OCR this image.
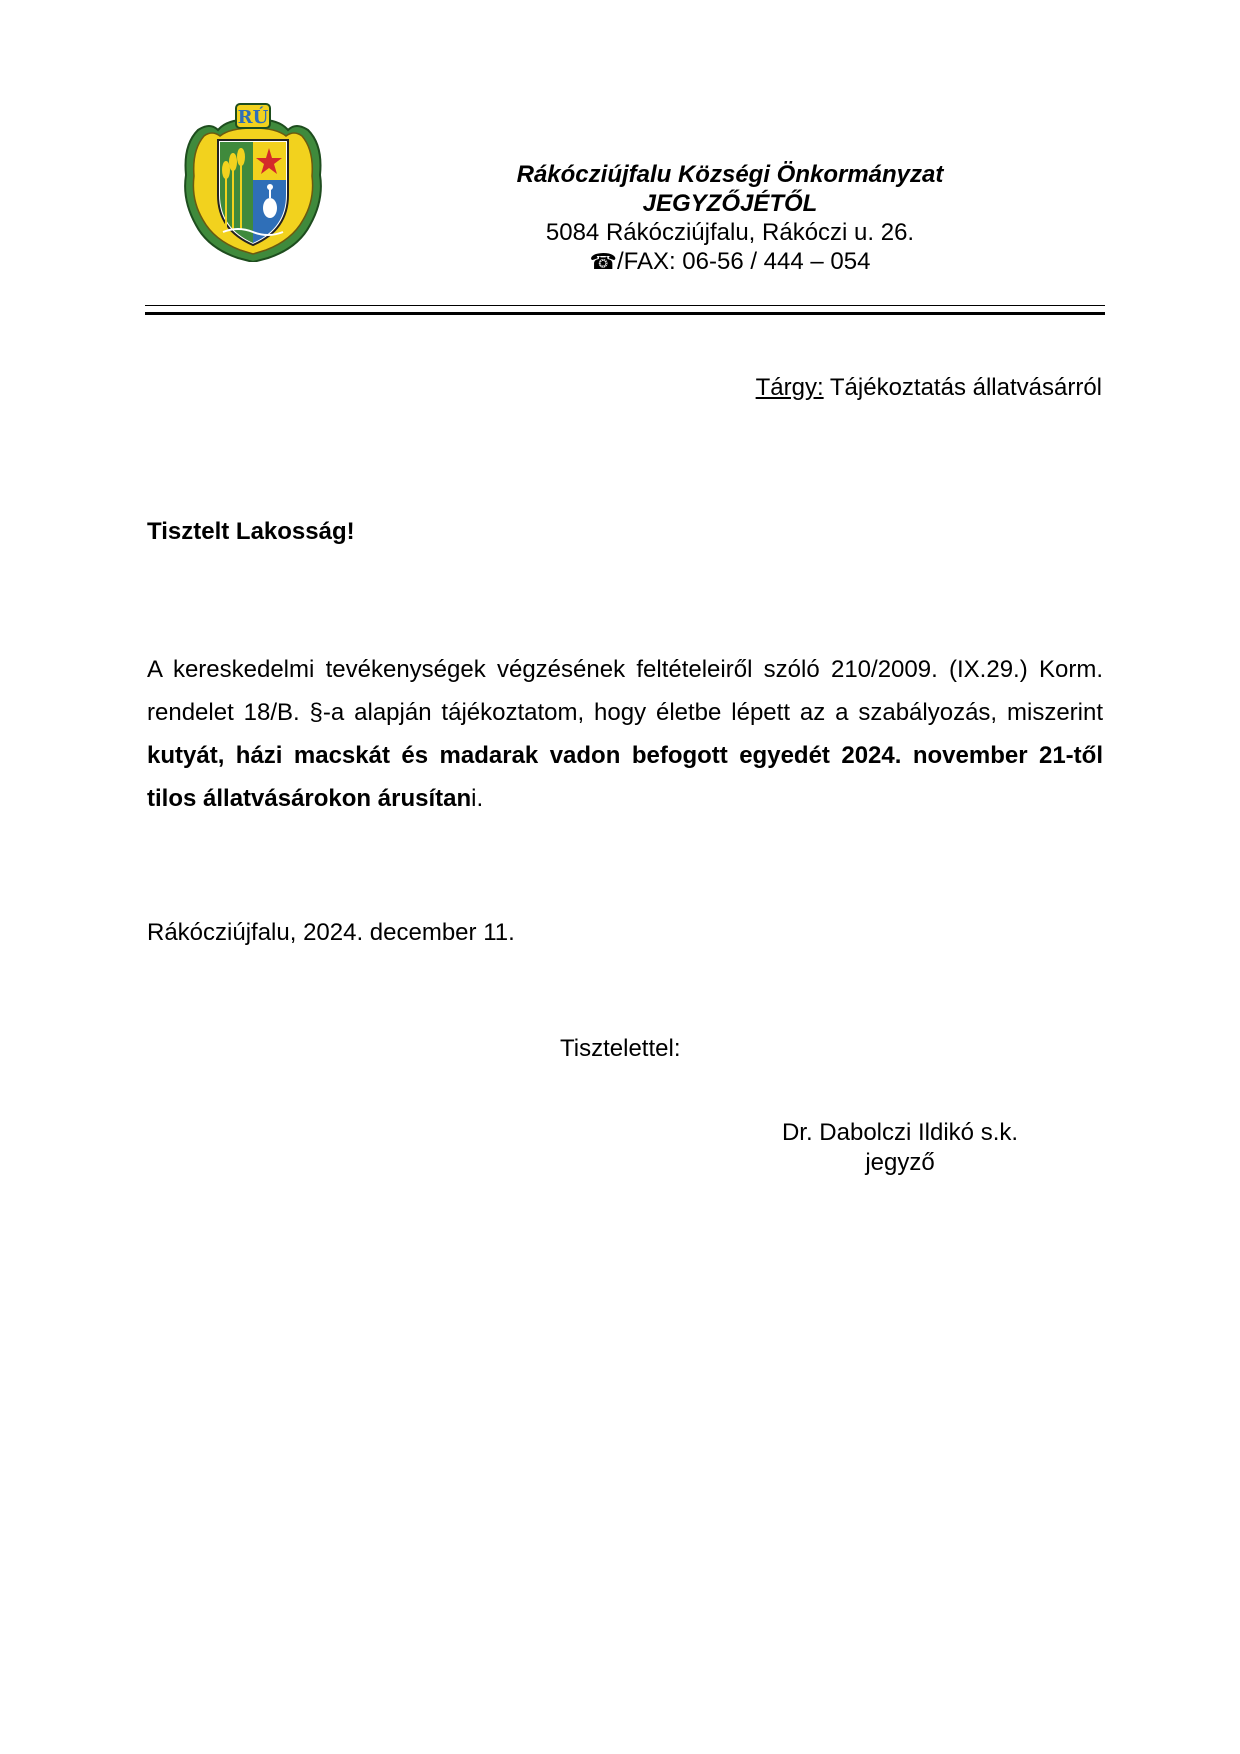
RÚ
Rákócziújfalu Községi Önkormányzat
JEGYZŐJÉTŐL
5084 Rákócziújfalu, Rákóczi u. 26.
☎/FAX: 06-56 / 444 – 054
Tárgy: Tájékoztatás állatvásárról
Tisztelt Lakosság!
A kereskedelmi tevékenységek végzésének feltételeiről szóló 210/2009. (IX.29.) Korm. rendelet 18/B. §-a alapján tájékoztatom, hogy életbe lépett az a szabályozás, miszerint kutyát, házi macskát és madarak vadon befogott egyedét 2024. november 21-től tilos állatvásárokon árusítani.
Rákócziújfalu, 2024. december 11.
Tisztelettel:
Dr. Dabolczi Ildikó s.k.
jegyző
